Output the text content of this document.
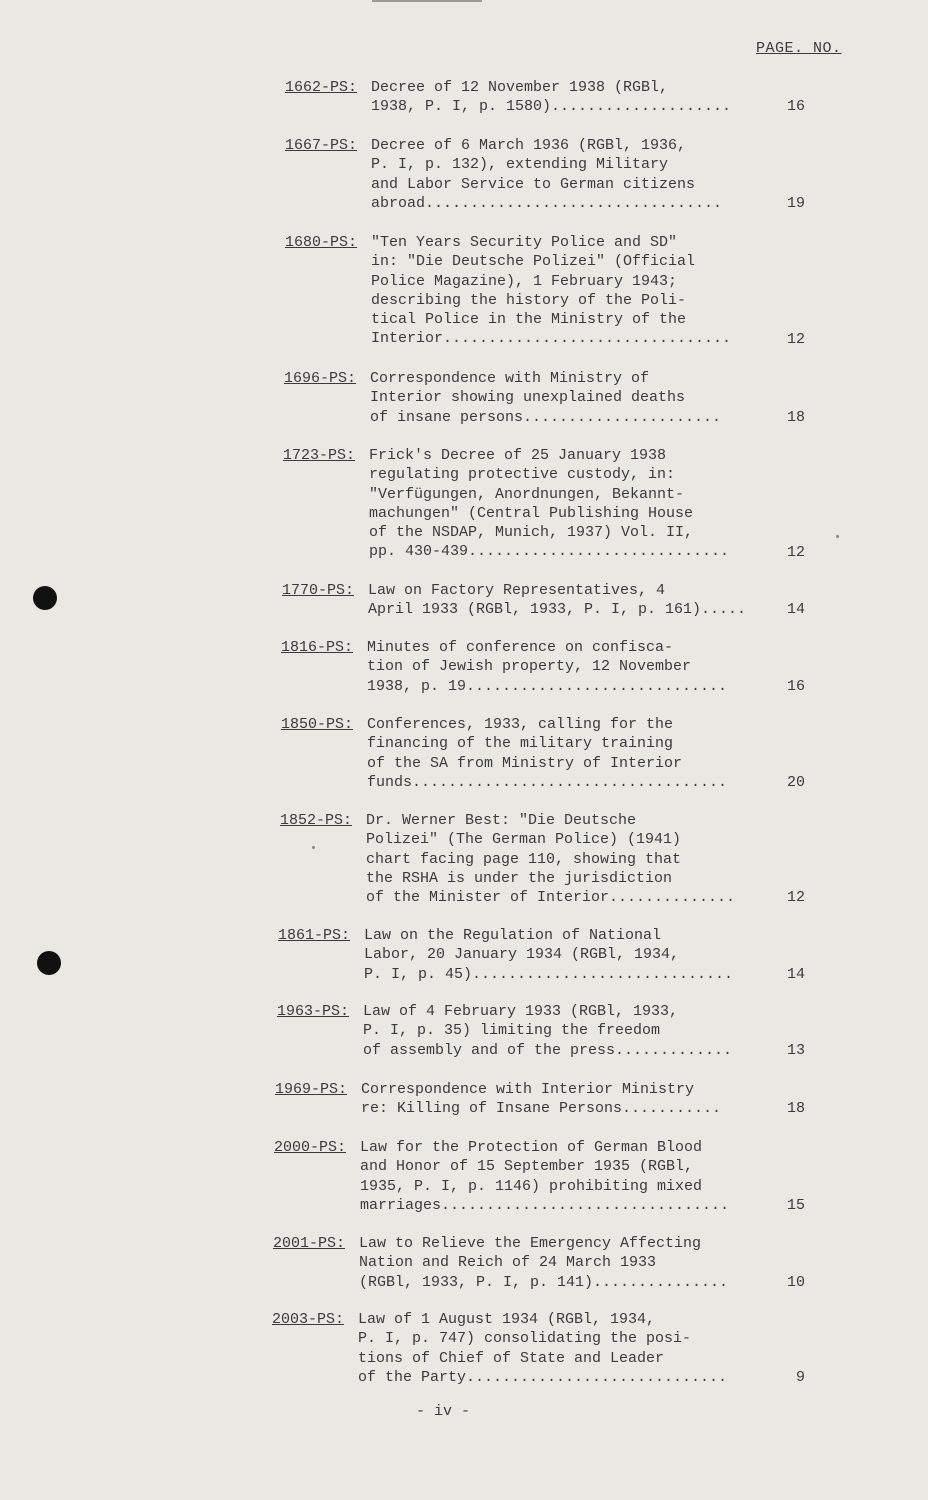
PAGE. NO.
1662-PS: Decree of 12 November 1938 (RGBl,
1938, P. I, p. 1580)....................	16
1667-PS: Decree of 6 March 1936 (RGBl, 1936,
P. I, p. 132), extending Military
and Labor Service to German citizens
abroad.................................	19
1680-PS: "Ten Years Security Police and SD"
in: "Die Deutsche Polizei" (Official
Police Magazine), 1 February 1943;
describing the history of the Poli-
tical Police in the Ministry of the
Interior................................	12
1696-PS: Correspondence with Ministry of
Interior showing unexplained deaths
of insane persons......................	18
1723-PS: Frick's Decree of 25 January 1938
regulating protective custody, in:
"Verfügungen, Anordnungen, Bekannt-
machungen" (Central Publishing House
of the NSDAP, Munich, 1937) Vol. II,
pp. 430-439.............................	12
1770-PS: Law on Factory Representatives, 4
April 1933 (RGBl, 1933, P. I, p. 161).....	14
1816-PS: Minutes of conference on confisca-
tion of Jewish property, 12 November
1938, p. 19.............................	16
1850-PS: Conferences, 1933, calling for the
financing of the military training
of the SA from Ministry of Interior
funds...................................	20
1852-PS: Dr. Werner Best: "Die Deutsche
Polizei" (The German Police) (1941)
chart facing page 110, showing that
the RSHA is under the jurisdiction
of the Minister of Interior..............	12
1861-PS: Law on the Regulation of National
Labor, 20 January 1934 (RGBl, 1934,
P. I, p. 45).............................	14
1963-PS: Law of 4 February 1933 (RGBl, 1933,
P. I, p. 35) limiting the freedom
of assembly and of the press.............	13
1969-PS: Correspondence with Interior Ministry
re: Killing of Insane Persons...........	18
2000-PS: Law for the Protection of German Blood
and Honor of 15 September 1935 (RGBl,
1935, P. I, p. 1146) prohibiting mixed
marriages................................	15
2001-PS: Law to Relieve the Emergency Affecting
Nation and Reich of 24 March 1933
(RGBl, 1933, P. I, p. 141)...............	10
2003-PS: Law of 1 August 1934 (RGBl, 1934,
P. I, p. 747) consolidating the posi-
tions of Chief of State and Leader
of the Party.............................	9
- iv -
